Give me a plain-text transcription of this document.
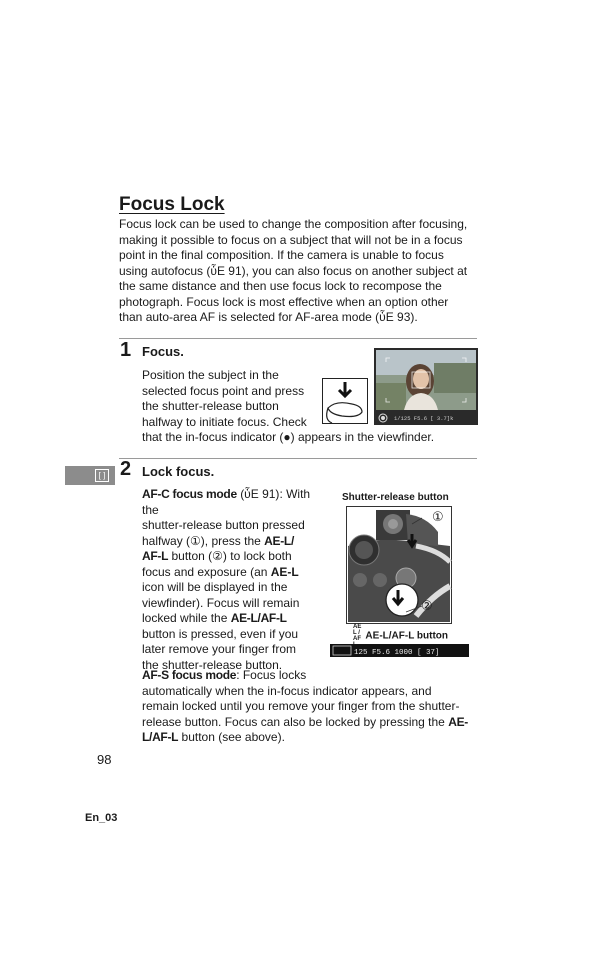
Focus Lock
Focus lock can be used to change the composition after focusing,
making it possible to focus on a subject that will not be in a focus
point in the final composition. If the camera is unable to focus
using autofocus (ὖE 91), you can also focus on another subject at
the same distance and then use focus lock to recompose the
photograph. Focus lock is most effective when an option other
than auto-area AF is selected for AF-area mode (ὖE 93).
1 Focus.
Position the subject in the
selected focus point and press
the shutter-release button
halfway to initiate focus. Check
that the in-focus indicator (●) appears in the viewfinder.
1/125 F5.6 [ 3.7]k
[ ] 2 Lock focus.
AF-C focus mode (ὖE 91): With the
shutter-release button pressed
halfway (①), press the AE-L/
AF-L button (②) to lock both
focus and exposure (an AE-L
icon will be displayed in the
viewfinder). Focus will remain
locked while the AE-L/AF-L
button is pressed, even if you
later remove your finger from
the shutter-release button.
Shutter-release button
①
②
AE L / AF  AE-L/AF-L button
125 F5.6 1000 [ 37]
AF-S focus mode: Focus locks
automatically when the in-focus indicator appears, and
remain locked until you remove your finger from the shutter-
release button. Focus can also be locked by pressing the AE-
L/AF-L button (see above).
98
En_03
